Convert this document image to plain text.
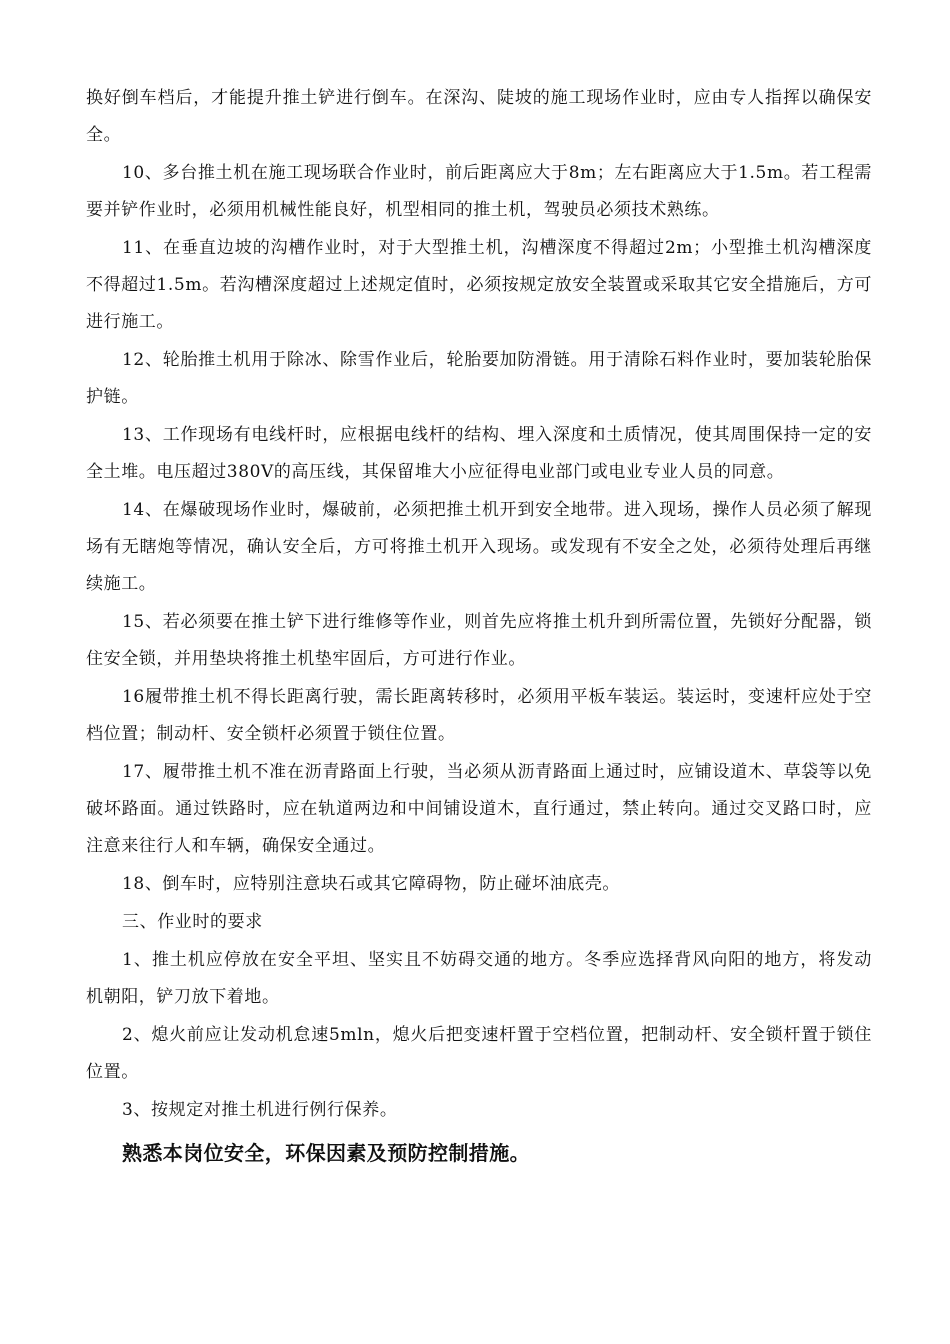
换好倒车档后，才能提升推土铲进行倒车。在深沟、陡坡的施工现场作业时，应由专人指挥以确保安全。

10、多台推土机在施工现场联合作业时，前后距离应大于8m；左右距离应大于1.5m。若工程需要并铲作业时，必须用机械性能良好，机型相同的推土机，驾驶员必须技术熟练。

11、在垂直边坡的沟槽作业时，对于大型推土机，沟槽深度不得超过2m；小型推土机沟槽深度不得超过1.5m。若沟槽深度超过上述规定值时，必须按规定放安全装置或采取其它安全措施后，方可进行施工。

12、轮胎推土机用于除冰、除雪作业后，轮胎要加防滑链。用于清除石料作业时，要加装轮胎保护链。

13、工作现场有电线杆时，应根据电线杆的结构、埋入深度和土质情况，使其周围保持一定的安全土堆。电压超过380V的高压线，其保留堆大小应征得电业部门或电业专业人员的同意。

14、在爆破现场作业时，爆破前，必须把推土机开到安全地带。进入现场，操作人员必须了解现场有无瞎炮等情况，确认安全后，方可将推土机开入现场。或发现有不安全之处，必须待处理后再继续施工。

15、若必须要在推土铲下进行维修等作业，则首先应将推土机升到所需位置，先锁好分配器，锁住安全锁，并用垫块将推土机垫牢固后，方可进行作业。

16履带推土机不得长距离行驶，需长距离转移时，必须用平板车装运。装运时，变速杆应处于空档位置；制动杆、安全锁杆必须置于锁住位置。

17、履带推土机不准在沥青路面上行驶，当必须从沥青路面上通过时，应铺设道木、草袋等以免破坏路面。通过铁路时，应在轨道两边和中间铺设道木，直行通过，禁止转向。通过交叉路口时，应注意来往行人和车辆，确保安全通过。

18、倒车时，应特别注意块石或其它障碍物，防止碰坏油底壳。

三、作业时的要求

1、推土机应停放在安全平坦、坚实且不妨碍交通的地方。冬季应选择背风向阳的地方，将发动机朝阳，铲刀放下着地。

2、熄火前应让发动机怠速5mln，熄火后把变速杆置于空档位置，把制动杆、安全锁杆置于锁住位置。

3、按规定对推土机进行例行保养。

熟悉本岗位安全，环保因素及预防控制措施。
